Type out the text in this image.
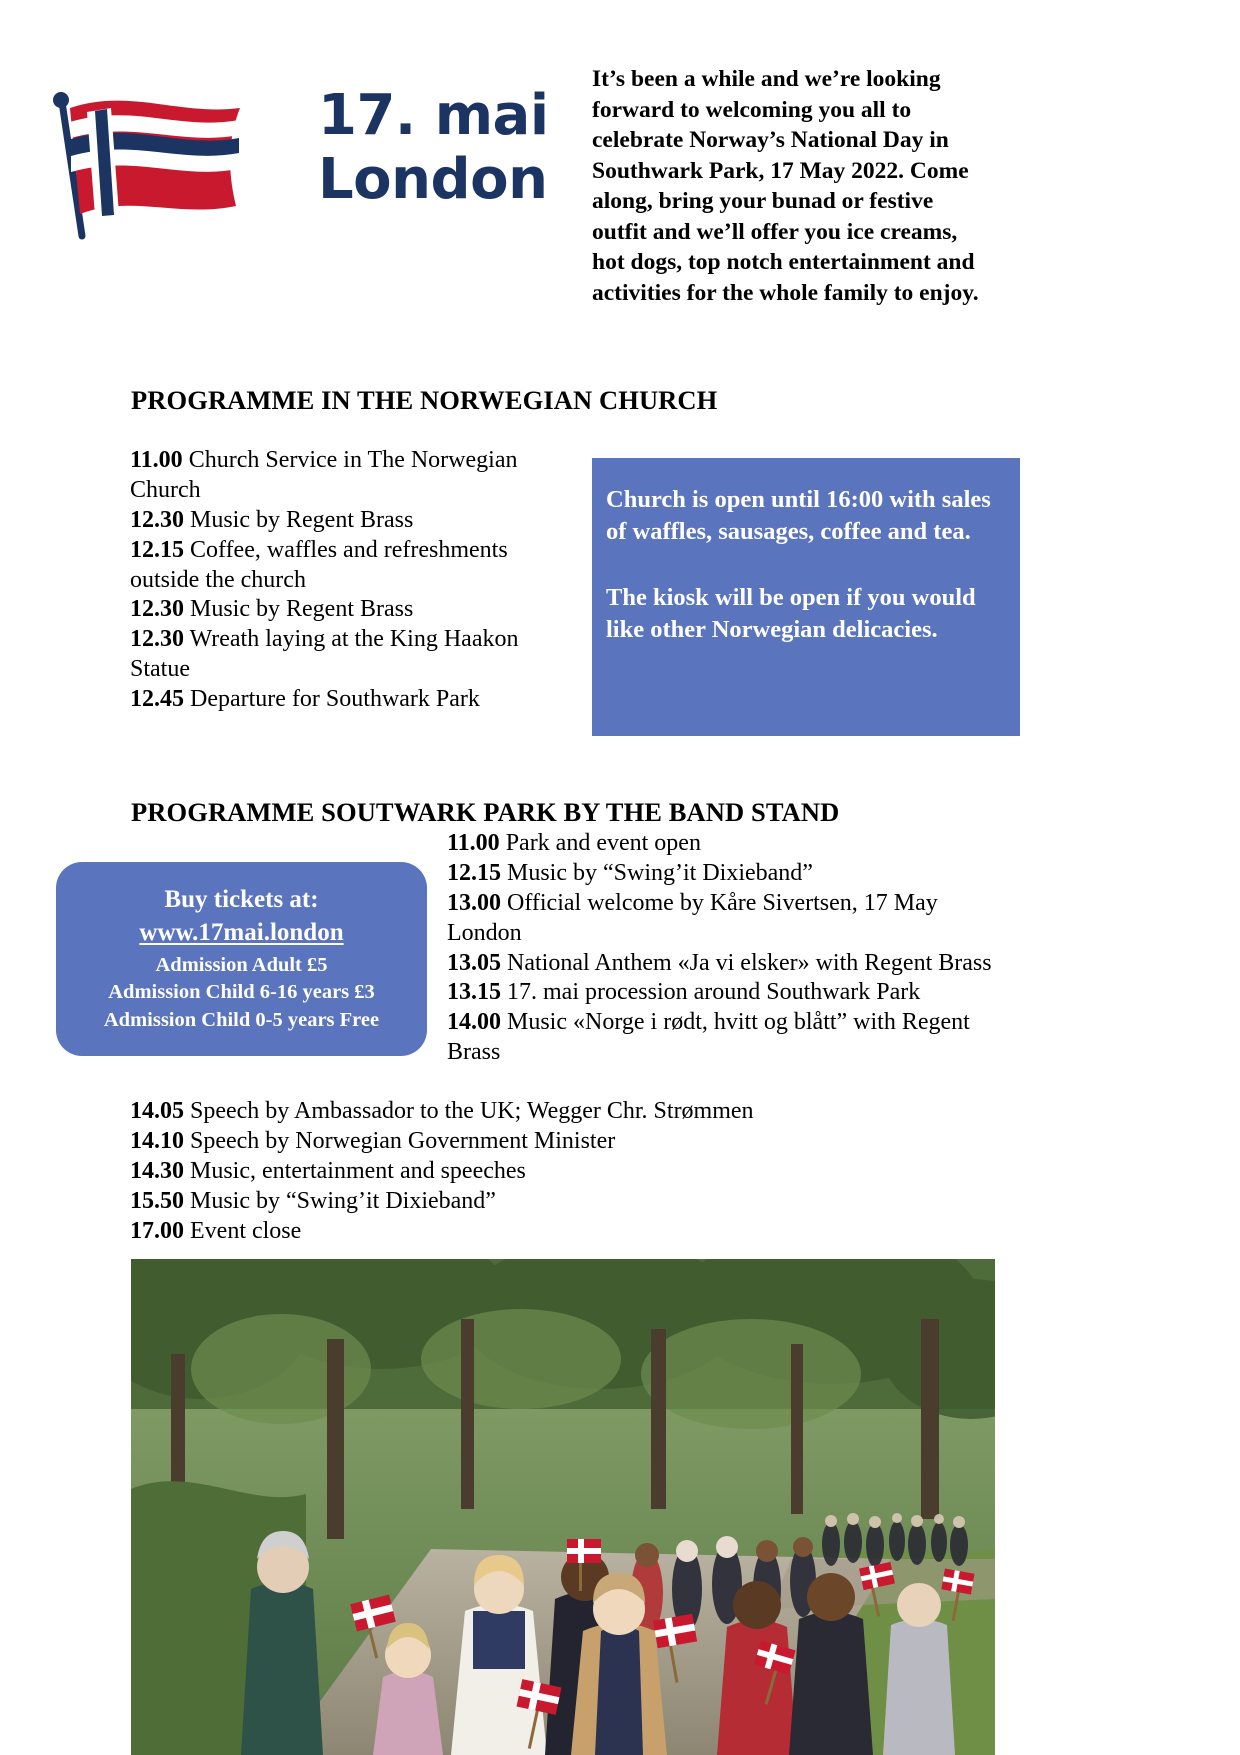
17. mai
London
It’s been a while and we’re looking forward to welcoming you all to celebrate Norway’s National Day in Southwark Park, 17 May 2022. Come along, bring your bunad or festive outfit and we’ll offer you ice creams, hot dogs, top notch entertainment and activities for the whole family to enjoy.
PROGRAMME IN THE NORWEGIAN CHURCH
11.00 Church Service in The Norwegian Church
12.30 Music by Regent Brass
12.15 Coffee, waffles and refreshments outside the church
12.30 Music by Regent Brass
12.30 Wreath laying at the King Haakon Statue
12.45 Departure for Southwark Park

Church is open until 16:00 with sales of waffles, sausages, coffee and tea.

The kiosk will be open if you would like other Norwegian delicacies.

PROGRAMME SOUTWARK PARK BY THE BAND STAND
Buy tickets at:
www.17mai.london
Admission Adult £5
Admission Child 6-16 years £3
Admission Child 0-5 years Free
11.00 Park and event open
12.15 Music by “Swing’it Dixieband”
13.00 Official welcome by Kåre Sivertsen, 17 May London
13.05 National Anthem «Ja vi elsker» with Regent Brass
13.15 17. mai procession around Southwark Park
14.00 Music «Norge i rødt, hvitt og blått” with Regent Brass
14.05 Speech by Ambassador to the UK; Wegger Chr. Strømmen
14.10 Speech by Norwegian Government Minister
14.30 Music, entertainment and speeches
15.50 Music by “Swing’it Dixieband”
17.00 Event close
